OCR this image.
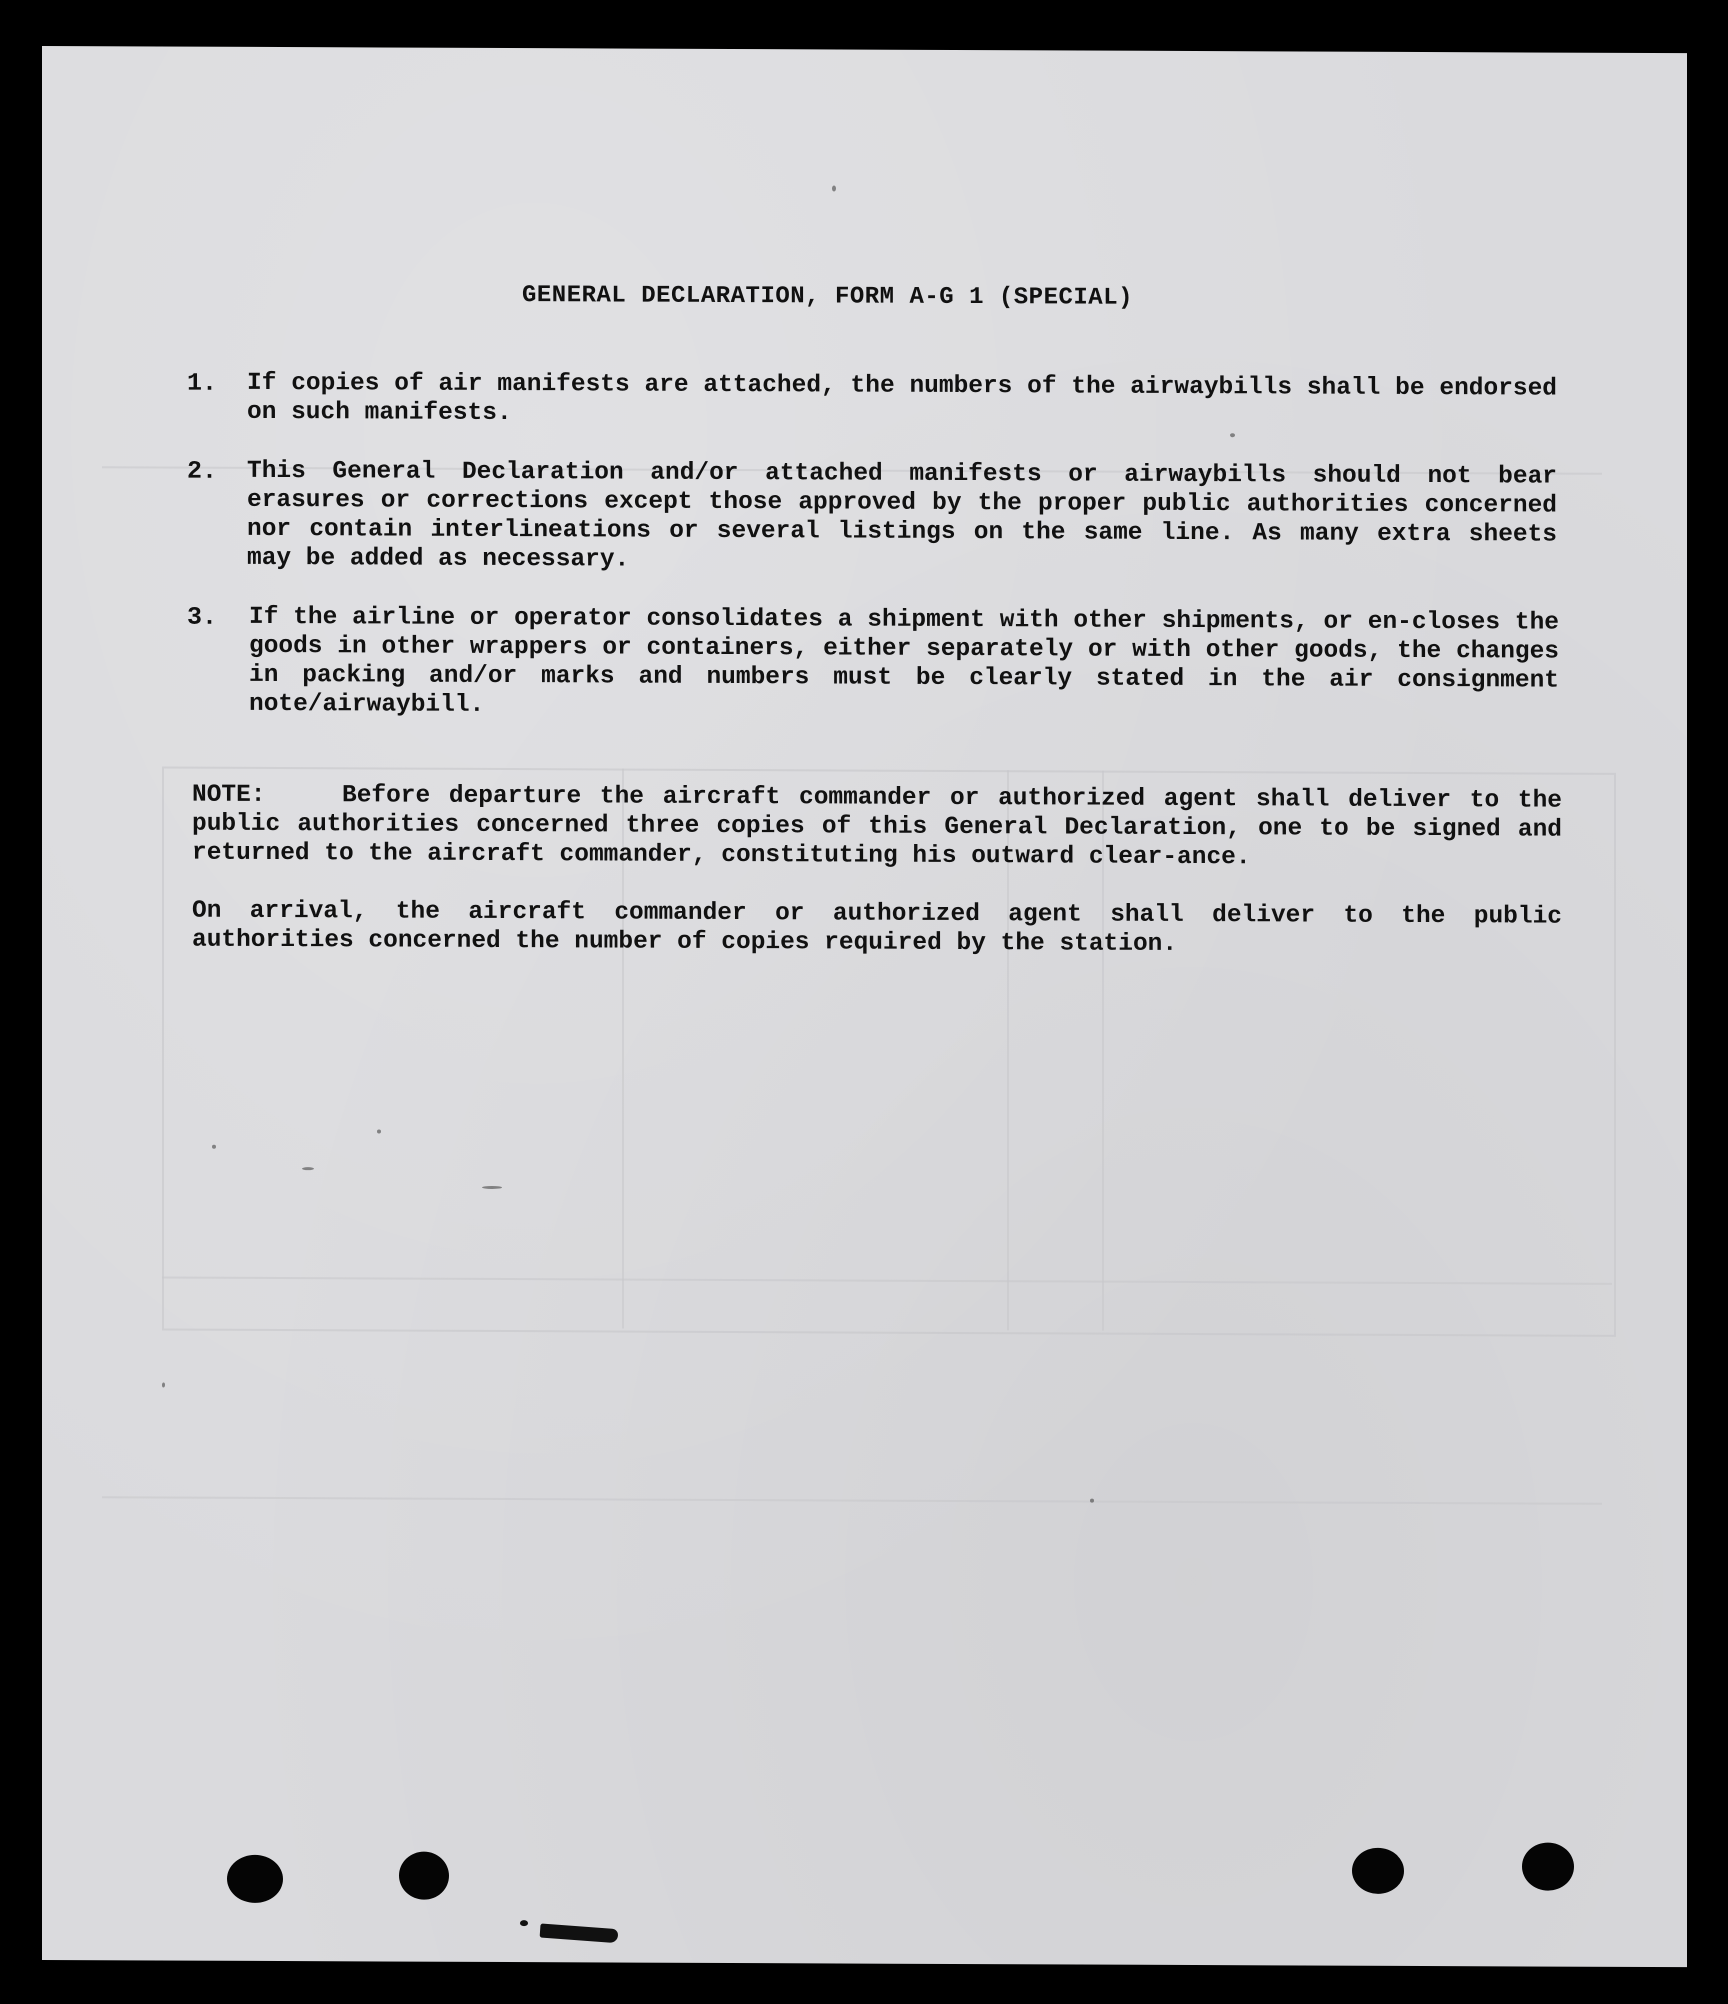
GENERAL DECLARATION, FORM A-G 1 (SPECIAL)
1. If copies of air manifests are attached, the numbers of the airwaybills shall be endorsed on such manifests.
2. This General Declaration and/or attached manifests or airwaybills should not bear erasures or corrections except those approved by the proper public authorities concerned nor contain interlineations or several listings on the same line. As many extra sheets may be added as necessary.
3. If the airline or operator consolidates a shipment with other shipments, or en-closes the goods in other wrappers or containers, either separately or with other goods, the changes in packing and/or marks and numbers must be clearly stated in the air consignment note/airwaybill.

NOTE:	Before departure the aircraft commander or authorized agent shall deliver to the public authorities concerned three copies of this General Declaration, one to be signed and returned to the aircraft commander, constituting his outward clear-ance.

On arrival, the aircraft commander or authorized agent shall deliver to the public authorities concerned the number of copies required by the station.
